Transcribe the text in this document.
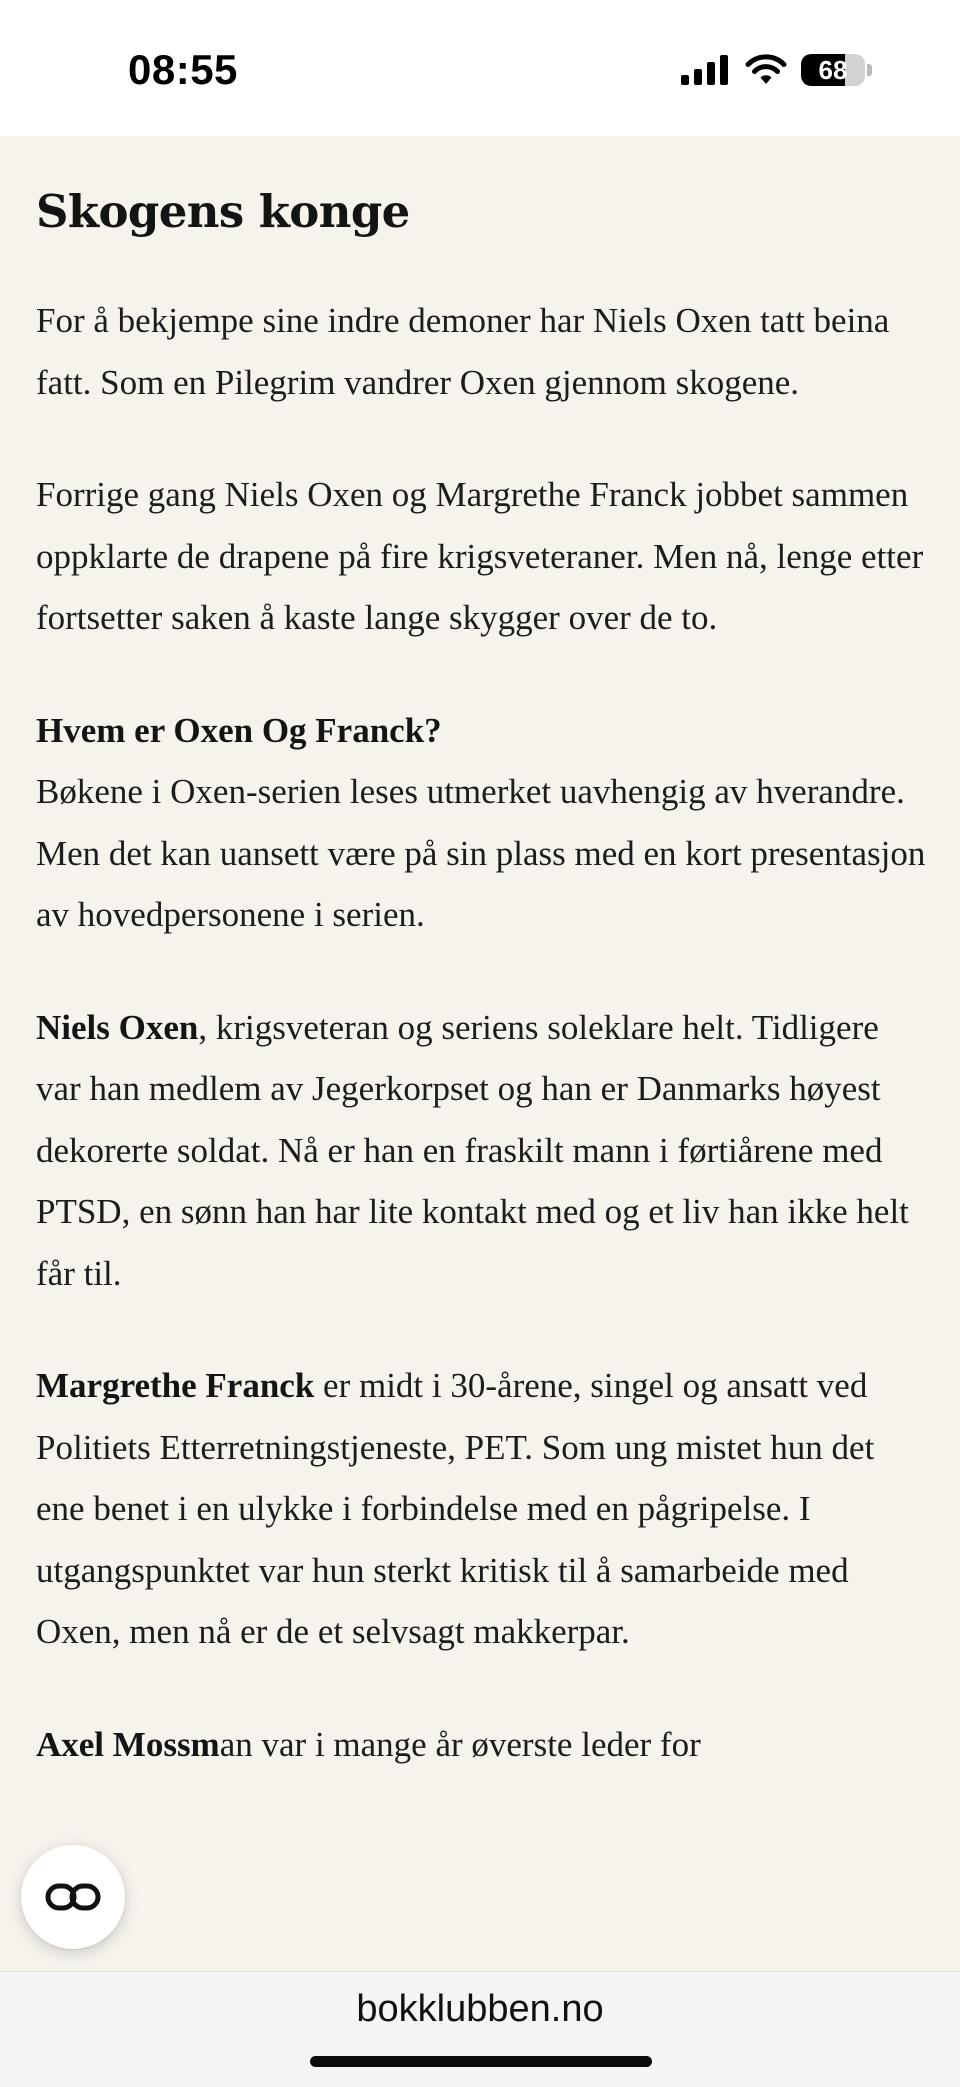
08:55	68
Skogens konge

For å bekjempe sine indre demoner har Niels Oxen tatt beina fatt. Som en Pilegrim vandrer Oxen gjennom skogene.

Forrige gang Niels Oxen og Margrethe Franck jobbet sammen oppklarte de drapene på fire krigsveteraner. Men nå, lenge etter fortsetter saken å kaste lange skygger over de to.

Hvem er Oxen Og Franck?
Bøkene i Oxen-serien leses utmerket uavhengig av hverandre. Men det kan uansett være på sin plass med en kort presentasjon av hovedpersonene i serien.

Niels Oxen, krigsveteran og seriens soleklare helt. Tidligere var han medlem av Jegerkorpset og han er Danmarks høyest dekorerte soldat. Nå er han en fraskilt mann i førtiårene med PTSD, en sønn han har lite kontakt med og et liv han ikke helt får til.

Margrethe Franck er midt i 30-årene, singel og ansatt ved Politiets Etterretningstjeneste, PET. Som ung mistet hun det ene benet i en ulykke i forbindelse med en pågripelse. I utgangspunktet var hun sterkt kritisk til å samarbeide med Oxen, men nå er de et selvsagt makkerpar.

Axel Mossman var i mange år øverste leder for

bokklubben.no
